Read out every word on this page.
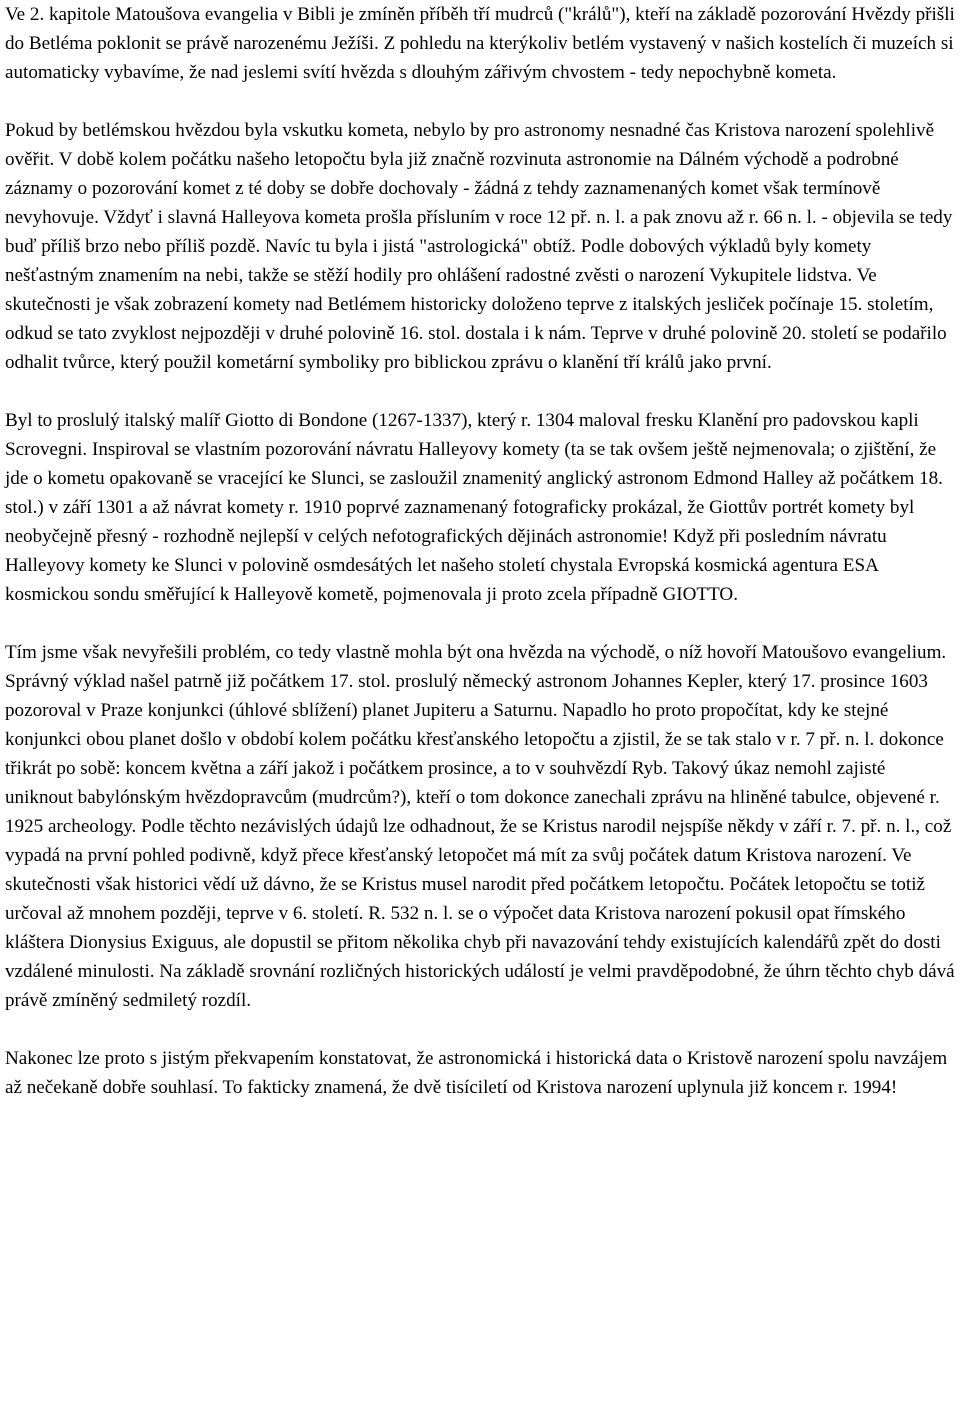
Ve 2. kapitole Matoušova evangelia v Bibli je zmíněn příběh tří mudrců ("králů"), kteří na základě pozorování Hvězdy přišli do Betléma poklonit se právě narozenému Ježíši. Z pohledu na kterýkoliv betlém vystavený v našich kostelích či muzeích si automaticky vybavíme, že nad jeslemi svítí hvězda s dlouhým zářivým chvostem - tedy nepochybně kometa.

Pokud by betlémskou hvězdou byla vskutku kometa, nebylo by pro astronomy nesnadné čas Kristova narození spolehlivě ověřit. V době kolem počátku našeho letopočtu byla již značně rozvinuta astronomie na Dálném východě a podrobné záznamy o pozorování komet z té doby se dobře dochovaly - žádná z tehdy zaznamenaných komet však termínově nevyhovuje. Vždyť i slavná Halleyova kometa prošla přísluním v roce 12 př. n. l. a pak znovu až r. 66 n. l. - objevila se tedy buď příliš brzo nebo příliš pozdě. Navíc tu byla i jistá "astrologická" obtíž. Podle dobových výkladů byly komety nešťastným znamením na nebi, takže se stěží hodily pro ohlášení radostné zvěsti o narození Vykupitele lidstva. Ve skutečnosti je však zobrazení komety nad Betlémem historicky doloženo teprve z italských jesliček počínaje 15. stoletím, odkud se tato zvyklost nejpozději v druhé polovině 16. stol. dostala i k nám. Teprve v druhé polovině 20. století se podařilo odhalit tvůrce, který použil kometární symboliky pro biblickou zprávu o klanění tří králů jako první.

Byl to proslulý italský malíř Giotto di Bondone (1267-1337), který r. 1304 maloval fresku Klanění pro padovskou kapli Scrovegni. Inspiroval se vlastním pozorování návratu Halleyovy komety (ta se tak ovšem ještě nejmenovala; o zjištění, že jde o kometu opakovaně se vracející ke Slunci, se zasloužil znamenitý anglický astronom Edmond Halley až počátkem 18. stol.) v září 1301 a až návrat komety r. 1910 poprvé zaznamenaný fotograficky prokázal, že Giottův portrét komety byl neobyčejně přesný - rozhodně nejlepší v celých nefotografických dějinách astronomie! Když při posledním návratu Halleyovy komety ke Slunci v polovině osmdesátých let našeho století chystala Evropská kosmická agentura ESA kosmickou sondu směřující k Halleyově kometě, pojmenovala ji proto zcela případně GIOTTO.

Tím jsme však nevyřešili problém, co tedy vlastně mohla být ona hvězda na východě, o níž hovoří Matoušovo evangelium. Správný výklad našel patrně již počátkem 17. stol. proslulý německý astronom Johannes Kepler, který 17. prosince 1603 pozoroval v Praze konjunkci (úhlové sblížení) planet Jupiteru a Saturnu. Napadlo ho proto propočítat, kdy ke stejné konjunkci obou planet došlo v období kolem počátku křesťanského letopočtu a zjistil, že se tak stalo v r. 7 př. n. l. dokonce třikrát po sobě: koncem května a září jakož i počátkem prosince, a to v souhvězdí Ryb. Takový úkaz nemohl zajisté uniknout babylónským hvězdopravcům (mudrcům?), kteří o tom dokonce zanechali zprávu na hliněné tabulce, objevené r. 1925 archeology. Podle těchto nezávislých údajů lze odhadnout, že se Kristus narodil nejspíše někdy v září r. 7. př. n. l., což vypadá na první pohled podivně, když přece křesťanský letopočet má mít za svůj počátek datum Kristova narození. Ve skutečnosti však historici vědí už dávno, že se Kristus musel narodit před počátkem letopočtu. Počátek letopočtu se totiž určoval až mnohem později, teprve v 6. století. R. 532 n. l. se o výpočet data Kristova narození pokusil opat římského kláštera Dionysius Exiguus, ale dopustil se přitom několika chyb při navazování tehdy existujících kalendářů zpět do dosti vzdálené minulosti. Na základě srovnání rozličných historických událostí je velmi pravděpodobné, že úhrn těchto chyb dává právě zmíněný sedmiletý rozdíl.

Nakonec lze proto s jistým překvapením konstatovat, že astronomická i historická data o Kristově narození spolu navzájem až nečekaně dobře souhlasí. To fakticky znamená, že dvě tisíciletí od Kristova narození uplynula již koncem r. 1994!
